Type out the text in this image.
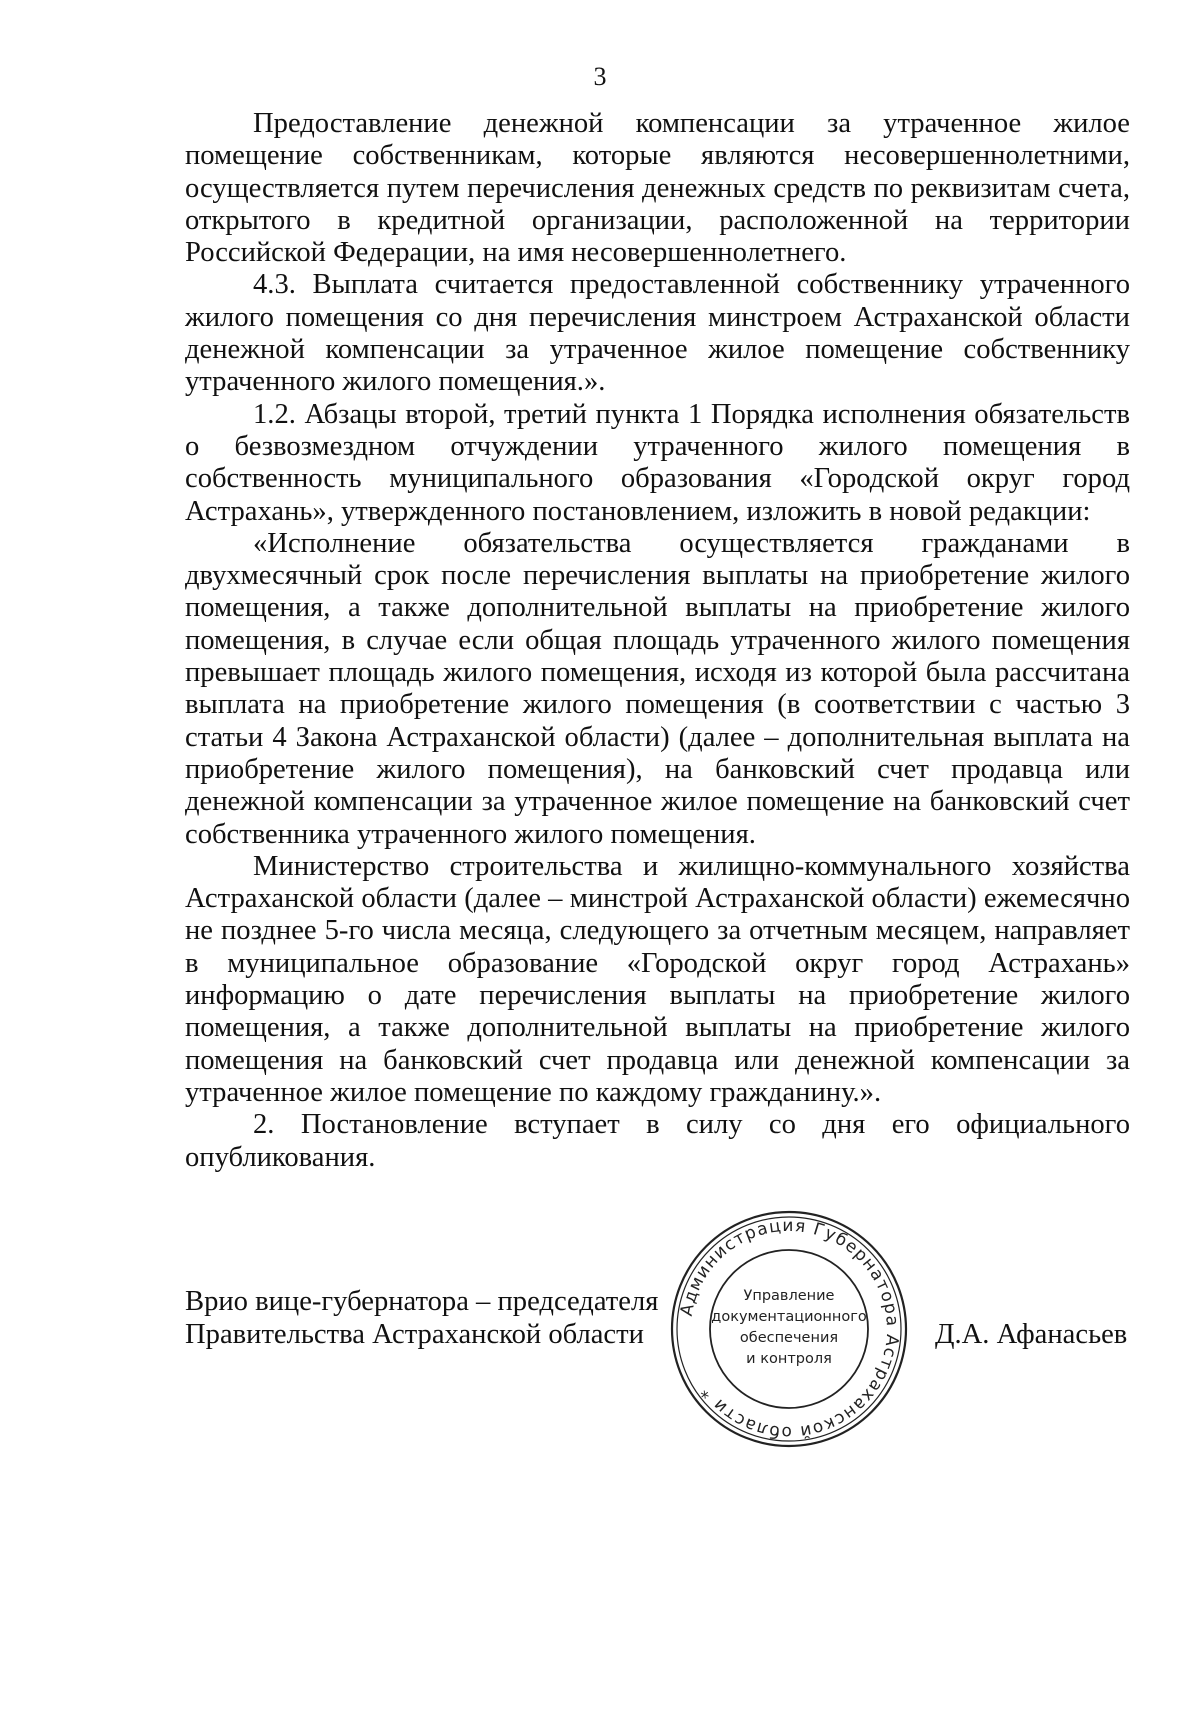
3

Предоставление денежной компенсации за утраченное жилое помещение собственникам, которые являются несовершеннолетними, осуществляется путем перечисления денежных средств по реквизитам счета, открытого в кредитной организации, расположенной на территории Российской Федерации, на имя несовершеннолетнего.

4.3. Выплата считается предоставленной собственнику утраченного жилого помещения со дня перечисления минстроем Астраханской области денежной компенсации за утраченное жилое помещение собственнику утраченного жилого помещения.».

1.2. Абзацы второй, третий пункта 1 Порядка исполнения обязательств о безвозмездном отчуждении утраченного жилого помещения в собственность муниципального образования «Городской округ город Астрахань», утвержденного постановлением, изложить в новой редакции:

«Исполнение обязательства осуществляется гражданами в двухмесячный срок после перечисления выплаты на приобретение жилого помещения, а также дополнительной выплаты на приобретение жилого помещения, в случае если общая площадь утраченного жилого помещения превышает площадь жилого помещения, исходя из которой была рассчитана выплата на приобретение жилого помещения (в соответствии с частью 3 статьи 4 Закона Астраханской области) (далее – дополнительная выплата на приобретение жилого помещения), на банковский счет продавца или денежной компенсации за утраченное жилое помещение на банковский счет собственника утраченного жилого помещения.

Министерство строительства и жилищно-коммунального хозяйства Астраханской области (далее – минстрой Астраханской области) ежемесячно не позднее 5-го числа месяца, следующего за отчетным месяцем, направляет в муниципальное образование «Городской округ город Астрахань» информацию о дате перечисления выплаты на приобретение жилого помещения, а также дополнительной выплаты на приобретение жилого помещения на банковский счет продавца или денежной компенсации за утраченное жилое помещение по каждому гражданину.».

2. Постановление вступает в силу со дня его официального опубликования.

Врио вице-губернатора – председателя
Правительства Астраханской области	Д.А. Афанасьев
Администрация Губернатора Астраханской области *
Управление
документационного
обеспечения
и контроля
